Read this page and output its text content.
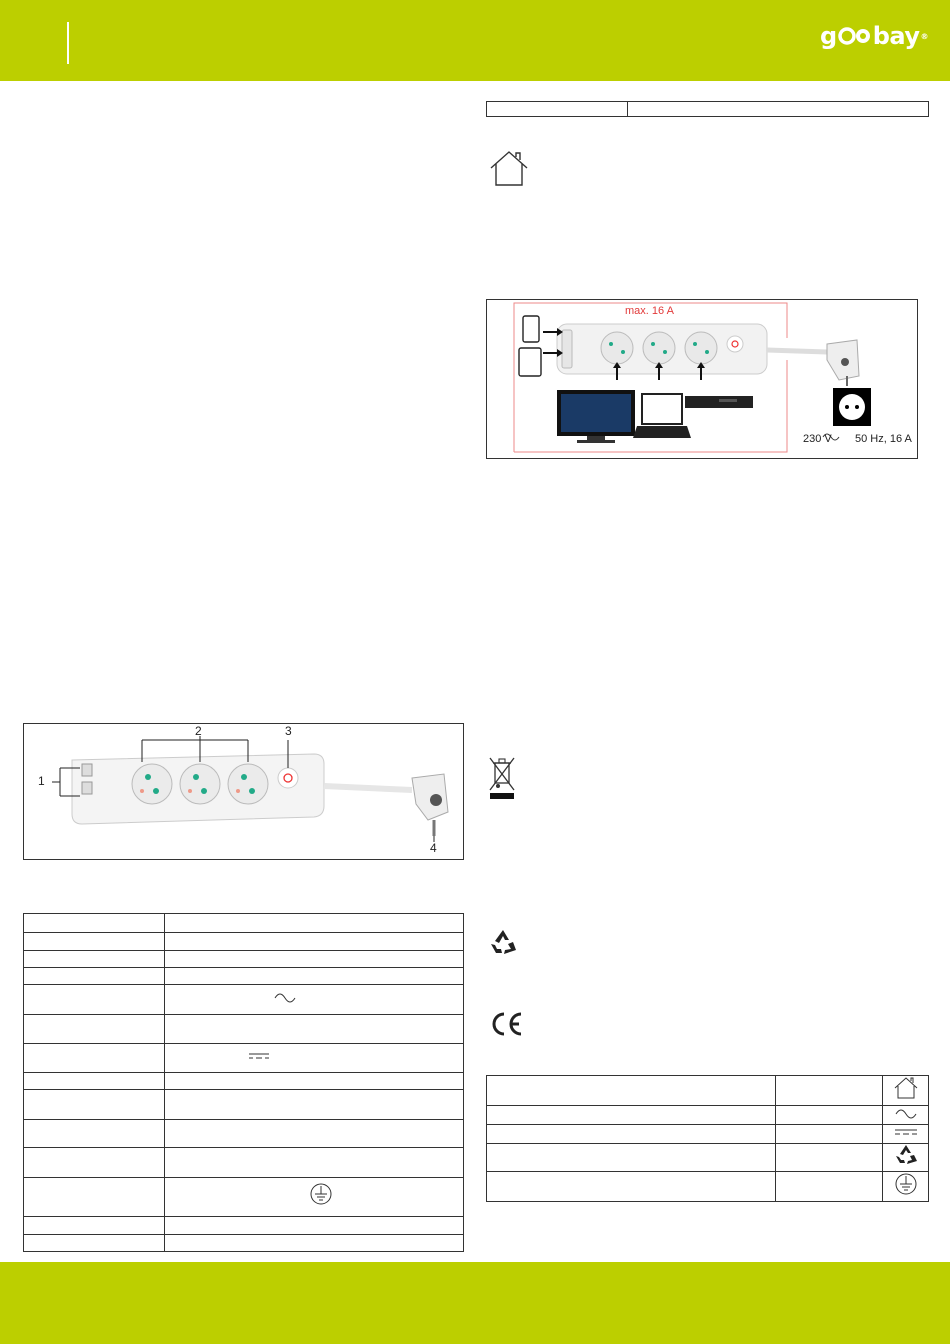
g bay ®

max. 16 A
230 V 50 Hz, 16 A

1
2	3
4
